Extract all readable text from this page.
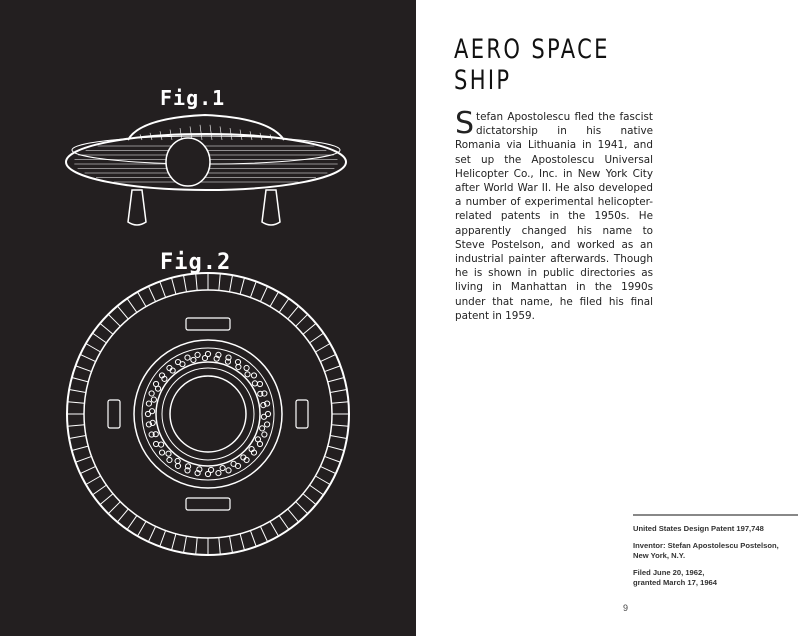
Fig.1
Fig.2
AERO SPACE
SHIP

Stefan Apostolescu fled the fascist dictatorship in his native Romania via Lithuania in 1941, and set up the Apostolescu Universal Helicopter Co., Inc. in New York City after World War II. He also developed a number of experimental helicopter-related patents in the 1950s. He apparently changed his name to Steve Postelson, and worked as an industrial painter afterwards. Though he is shown in public directories as living in Manhattan in the 1990s under that name, he filed his final patent in 1959.

United States Design Patent 197,748

Inventor: Stefan Apostolescu Postelson,
New York, N.Y.

Filed June 20, 1962,
granted March 17, 1964

9
